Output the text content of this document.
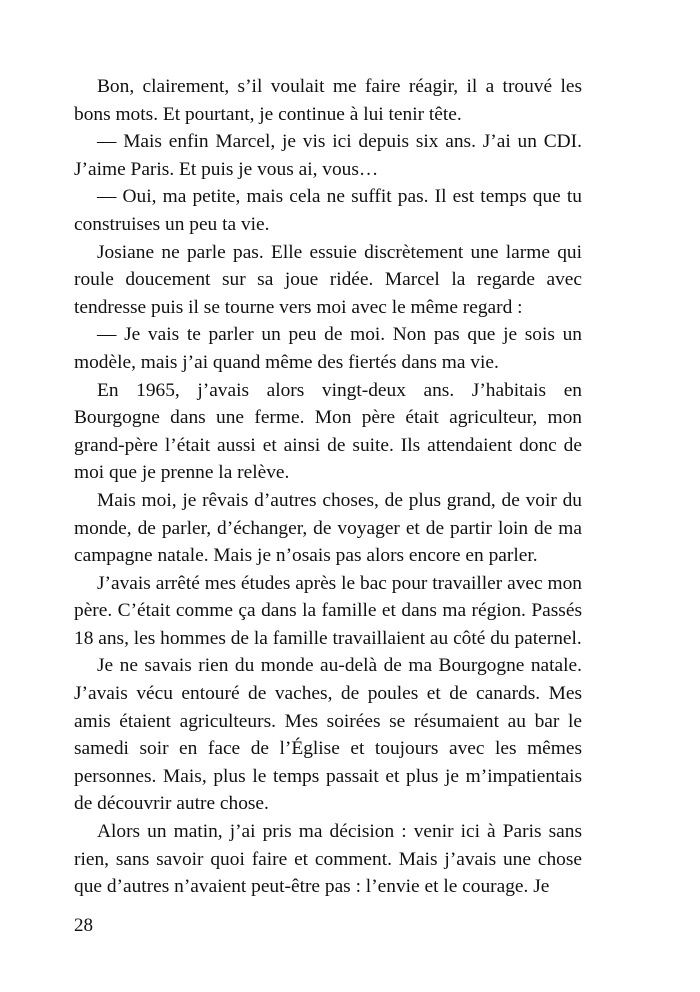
Bon, clairement, s’il voulait me faire réagir, il a trouvé les bons mots. Et pourtant, je continue à lui tenir tête.

— Mais enfin Marcel, je vis ici depuis six ans. J’ai un CDI. J’aime Paris. Et puis je vous ai, vous…

— Oui, ma petite, mais cela ne suffit pas. Il est temps que tu construises un peu ta vie.

Josiane ne parle pas. Elle essuie discrètement une larme qui roule doucement sur sa joue ridée. Marcel la regarde avec tendresse puis il se tourne vers moi avec le même regard :

— Je vais te parler un peu de moi. Non pas que je sois un modèle, mais j’ai quand même des fiertés dans ma vie.

En 1965, j’avais alors vingt-deux ans. J’habitais en Bourgogne dans une ferme. Mon père était agriculteur, mon grand-père l’était aussi et ainsi de suite. Ils attendaient donc de moi que je prenne la relève.

Mais moi, je rêvais d’autres choses, de plus grand, de voir du monde, de parler, d’échanger, de voyager et de partir loin de ma campagne natale. Mais je n’osais pas alors encore en parler.

J’avais arrêté mes études après le bac pour travailler avec mon père. C’était comme ça dans la famille et dans ma région. Passés 18 ans, les hommes de la famille travaillaient au côté du paternel.

Je ne savais rien du monde au-delà de ma Bourgogne natale. J’avais vécu entouré de vaches, de poules et de canards. Mes amis étaient agriculteurs. Mes soirées se résumaient au bar le samedi soir en face de l’Église et toujours avec les mêmes personnes. Mais, plus le temps passait et plus je m’impatientais de découvrir autre chose.

Alors un matin, j’ai pris ma décision : venir ici à Paris sans rien, sans savoir quoi faire et comment. Mais j’avais une chose que d’autres n’avaient peut-être pas : l’envie et le courage. Je

28
